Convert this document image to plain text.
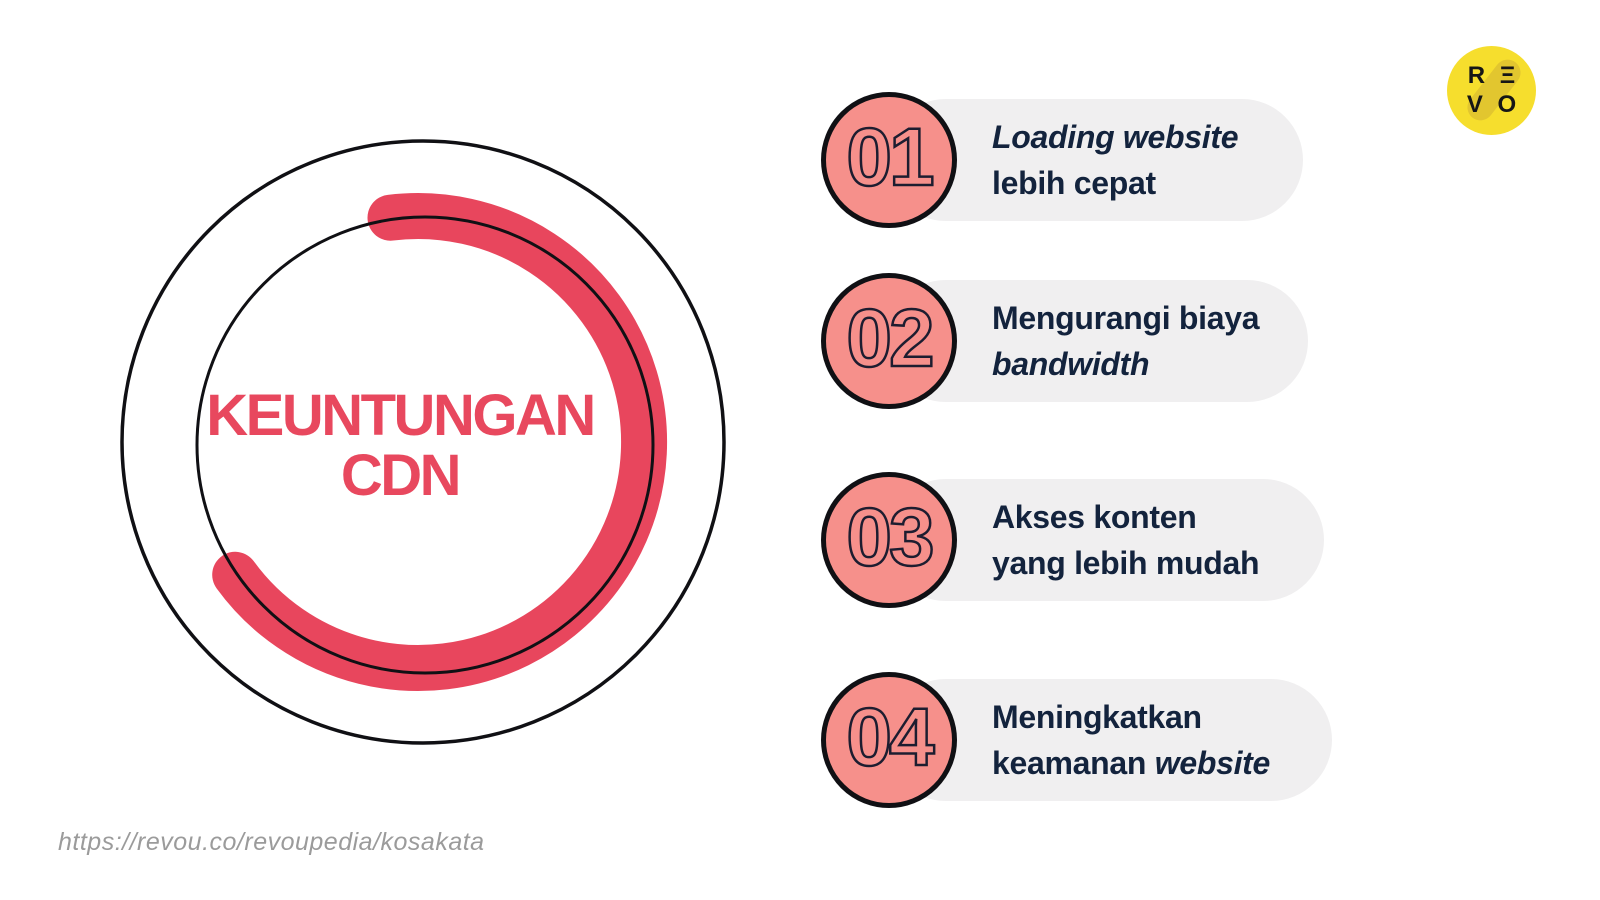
KEUNTUNGAN
CDN
01 Loading website
lebih cepat
02 Mengurangi biaya
bandwidth
03 Akses konten
yang lebih mudah
04 Meningkatkan
keamanan website
R Ξ
V O
https://revou.co/revoupedia/kosakata
